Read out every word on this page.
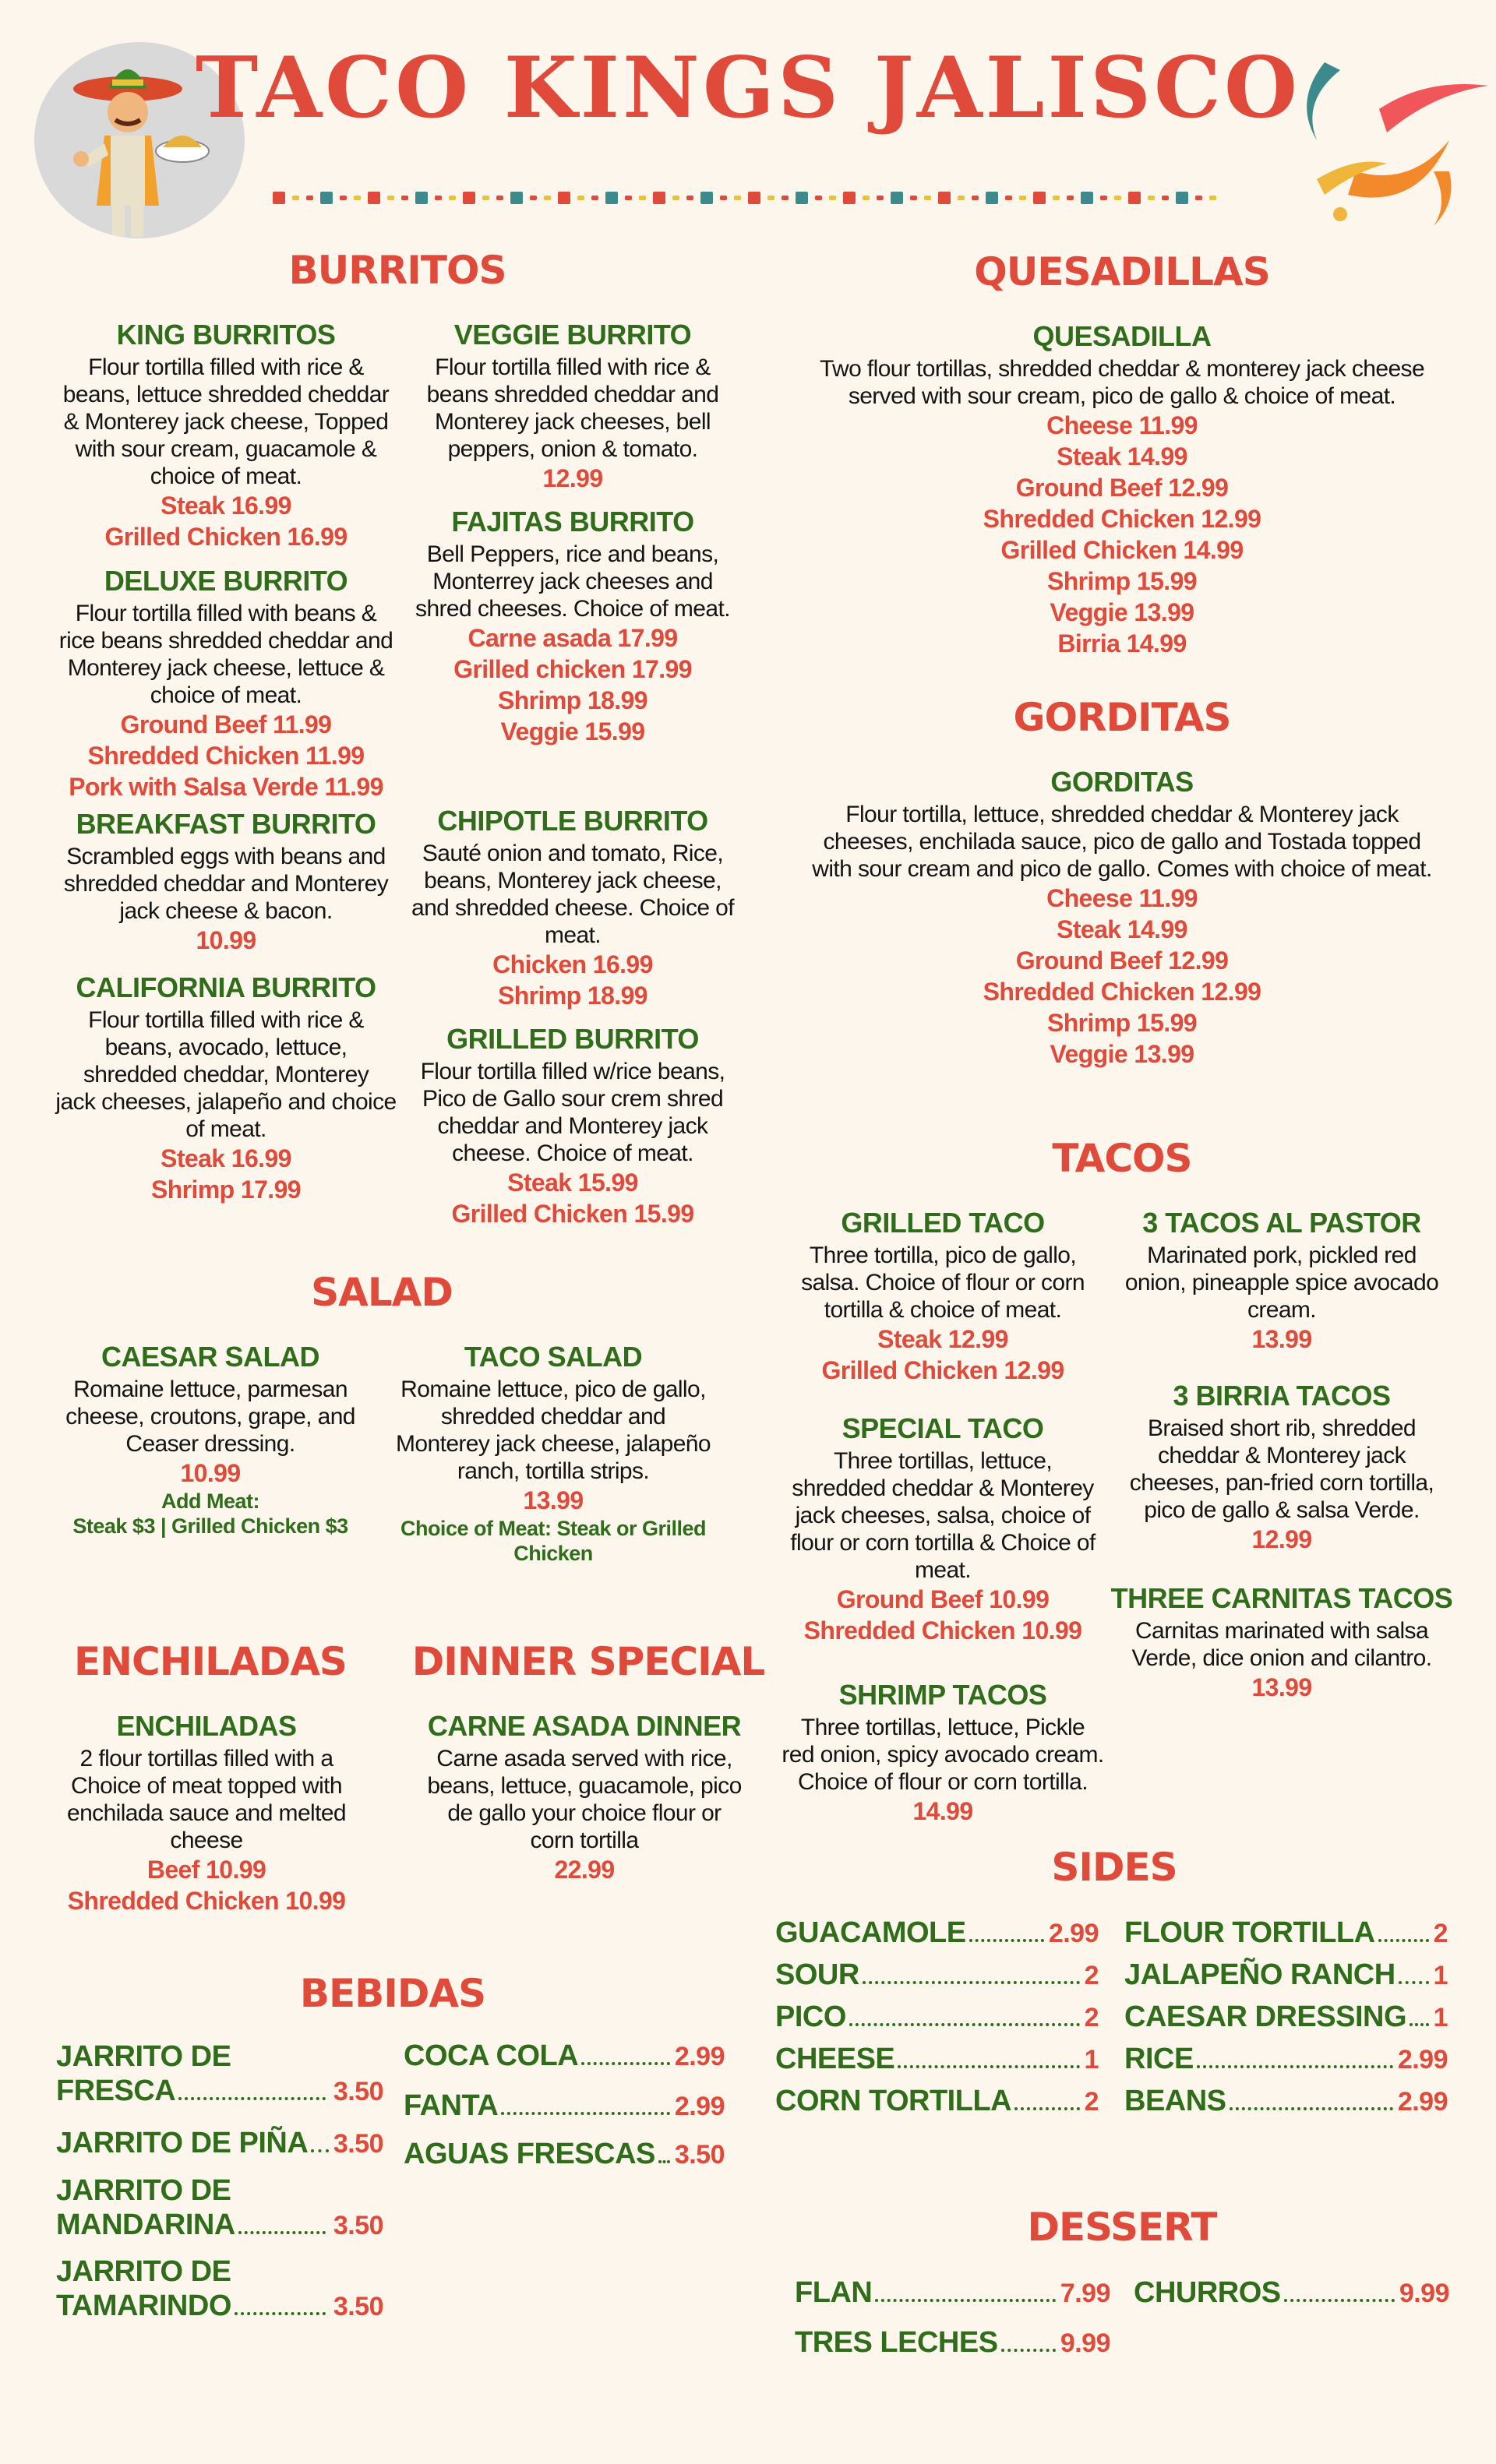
TACO KINGS JALISCO
BURRITOS
KING BURRITOS
Flour tortilla filled with rice &
beans, lettuce shredded cheddar
& Monterey jack cheese, Topped
with sour cream, guacamole &
choice of meat.
Steak 16.99
Grilled Chicken 16.99
VEGGIE BURRITO
Flour tortilla filled with rice &
beans shredded cheddar and
Monterey jack cheeses, bell
peppers, onion & tomato.
12.99
FAJITAS BURRITO
Bell Peppers, rice and beans,
Monterrey jack cheeses and
shred cheeses. Choice of meat.
Carne asada 17.99
Grilled chicken 17.99
Shrimp 18.99
Veggie 15.99
DELUXE BURRITO
Flour tortilla filled with beans &
rice beans shredded cheddar and
Monterey jack cheese, lettuce &
choice of meat.
Ground Beef 11.99
Shredded Chicken 11.99
Pork with Salsa Verde 11.99
BREAKFAST BURRITO
Scrambled eggs with beans and
shredded cheddar and Monterey
jack cheese & bacon.
10.99
CHIPOTLE BURRITO
Sauté onion and tomato, Rice,
beans, Monterey jack cheese,
and shredded cheese. Choice of
meat.
Chicken 16.99
Shrimp 18.99
CALIFORNIA BURRITO
Flour tortilla filled with rice &
beans, avocado, lettuce,
shredded cheddar, Monterey
jack cheeses, jalapeño and choice
of meat.
Steak 16.99
Shrimp 17.99
GRILLED BURRITO
Flour tortilla filled w/rice beans,
Pico de Gallo sour crem shred
cheddar and Monterey jack
cheese. Choice of meat.
Steak 15.99
Grilled Chicken 15.99
QUESADILLAS
QUESADILLA
Two flour tortillas, shredded cheddar & monterey jack cheese
served with sour cream, pico de gallo & choice of meat.
Cheese 11.99
Steak 14.99
Ground Beef 12.99
Shredded Chicken 12.99
Grilled Chicken 14.99
Shrimp 15.99
Veggie 13.99
Birria 14.99
GORDITAS
GORDITAS
Flour tortilla, lettuce, shredded cheddar & Monterey jack
cheeses, enchilada sauce, pico de gallo and Tostada topped
with sour cream and pico de gallo. Comes with choice of meat.
Cheese 11.99
Steak 14.99
Ground Beef 12.99
Shredded Chicken 12.99
Shrimp 15.99
Veggie 13.99
TACOS
GRILLED TACO
Three tortilla, pico de gallo,
salsa. Choice of flour or corn
tortilla & choice of meat.
Steak 12.99
Grilled Chicken 12.99
3 TACOS AL PASTOR
Marinated pork, pickled red
onion, pineapple spice avocado
cream.
13.99
3 BIRRIA TACOS
Braised short rib, shredded
cheddar & Monterey jack
cheeses, pan-fried corn tortilla,
pico de gallo & salsa Verde.
12.99
SPECIAL TACO
Three tortillas, lettuce,
shredded cheddar & Monterey
jack cheeses, salsa, choice of
flour or corn tortilla & Choice of
meat.
Ground Beef 10.99
Shredded Chicken 10.99
THREE CARNITAS TACOS
Carnitas marinated with salsa
Verde, dice onion and cilantro.
13.99
SHRIMP TACOS
Three tortillas, lettuce, Pickle
red onion, spicy avocado cream.
Choice of flour or corn tortilla.
14.99
SALAD
CAESAR SALAD
Romaine lettuce, parmesan
cheese, croutons, grape, and
Ceaser dressing.
10.99
Add Meat:
Steak $3 | Grilled Chicken $3
TACO SALAD
Romaine lettuce, pico de gallo,
shredded cheddar and
Monterey jack cheese, jalapeño
ranch, tortilla strips.
13.99
Choice of Meat: Steak or Grilled
Chicken
ENCHILADAS
ENCHILADAS
2 flour tortillas filled with a
Choice of meat topped with
enchilada sauce and melted
cheese
Beef 10.99
Shredded Chicken 10.99
DINNER SPECIAL
CARNE ASADA DINNER
Carne asada served with rice,
beans, lettuce, guacamole, pico
de gallo your choice flour or
corn tortilla
22.99	SIDES
GUACAMOLE	2.99
SOUR	2
PICO	2
CHEESE	1
CORN TORTILLA	2
FLOUR TORTILLA 2
JALAPEÑO RANCH 1
CAESAR DRESSING 1
RICE	2.99
BEANS	2.99
BEBIDAS
JARRITO DE
FRESCA	3.50
JARRITO DE PIÑA 3.50
JARRITO DE
MANDARINA	3.50
JARRITO DE
TAMARINDO	3.50
COCA COLA	2.99
FANTA	2.99
AGUAS FRESCAS 3.50
DESSERT
FLAN	7.99 CHURROS	9.99
TRES LECHES 9.99
